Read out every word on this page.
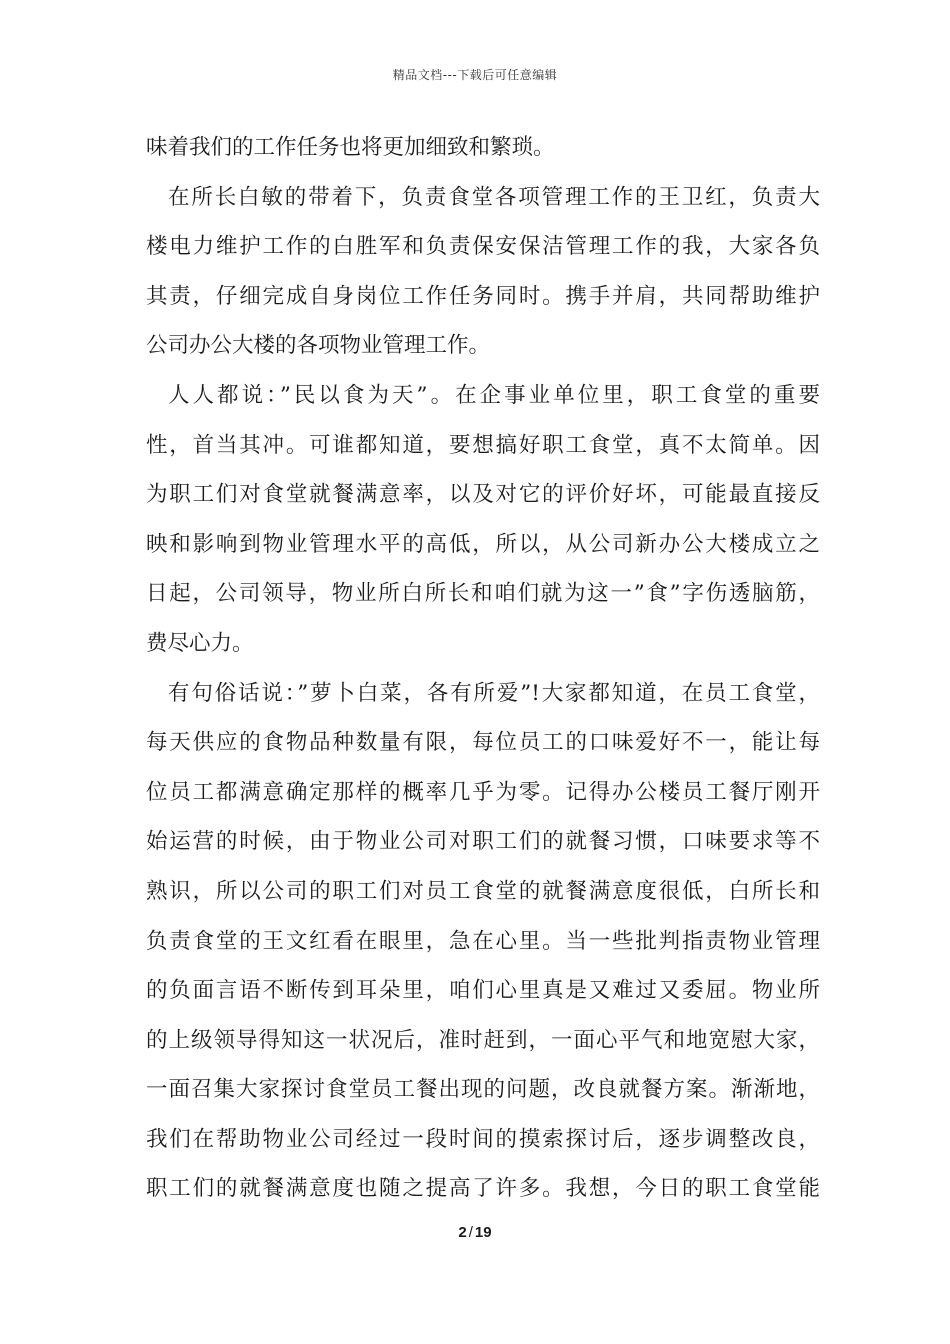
精品文档---下载后可任意编辑
味着我们的工作任务也将更加细致和繁琐。
在所长白敏的带着下，负责食堂各项管理工作的王卫红，负责大
楼电力维护工作的白胜军和负责保安保洁管理工作的我，大家各负
其责，仔细完成自身岗位工作任务同时。携手并肩，共同帮助维护
公司办公大楼的各项物业管理工作。
人人都说：”民以食为天”。在企事业单位里，职工食堂的重要
性，首当其冲。可谁都知道，要想搞好职工食堂，真不太简单。因
为职工们对食堂就餐满意率，以及对它的评价好坏，可能最直接反
映和影响到物业管理水平的高低，所以，从公司新办公大楼成立之
日起，公司领导，物业所白所长和咱们就为这一”食”字伤透脑筋，
费尽心力。
有句俗话说：”萝卜白菜，各有所爱”!大家都知道，在员工食堂，
每天供应的食物品种数量有限，每位员工的口味爱好不一，能让每
位员工都满意确定那样的概率几乎为零。记得办公楼员工餐厅刚开
始运营的时候，由于物业公司对职工们的就餐习惯，口味要求等不
熟识，所以公司的职工们对员工食堂的就餐满意度很低，白所长和
负责食堂的王文红看在眼里，急在心里。当一些批判指责物业管理
的负面言语不断传到耳朵里，咱们心里真是又难过又委屈。物业所
的上级领导得知这一状况后，准时赶到，一面心平气和地宽慰大家，
一面召集大家探讨食堂员工餐出现的问题，改良就餐方案。渐渐地，
我们在帮助物业公司经过一段时间的摸索探讨后，逐步调整改良，
职工们的就餐满意度也随之提高了许多。我想，今日的职工食堂能
2 / 19
